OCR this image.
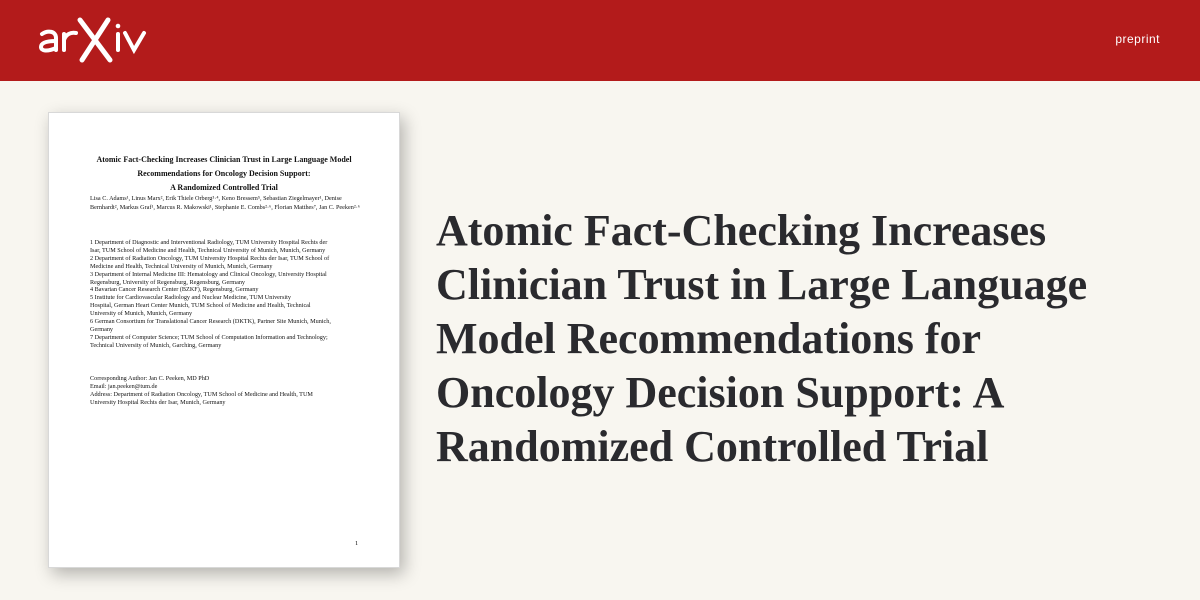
preprint
Atomic Fact-Checking Increases Clinician Trust in Large Language Model
Recommendations for Oncology Decision Support:
A Randomized Controlled Trial
Lisa C. Adams¹, Linus Marx², Erik Thiele Orberg³·⁴, Keno Bressem⁵, Sebastian Ziegelmayer¹, Denise Bernhardt², Markus Graf¹, Marcus R. Makowski¹, Stephanie E. Combs²·⁶, Florian Matthes⁷, Jan C. Peeken²·⁶
1 Department of Diagnostic and Interventional Radiology, TUM University Hospital Rechts der
Isar, TUM School of Medicine and Health, Technical University of Munich, Munich, Germany
2 Department of Radiation Oncology, TUM University Hospital Rechts der Isar, TUM School of
Medicine and Health, Technical University of Munich, Munich, Germany
3 Department of Internal Medicine III: Hematology and Clinical Oncology, University Hospital
Regensburg, University of Regensburg, Regensburg, Germany
4 Bavarian Cancer Research Center (BZKF), Regensburg, Germany
5 Institute for Cardiovascular Radiology and Nuclear Medicine, TUM University
Hospital, German Heart Center Munich, TUM School of Medicine and Health, Technical
University of Munich, Munich, Germany
6 German Consortium for Translational Cancer Research (DKTK), Partner Site Munich, Munich,
Germany
7 Department of Computer Science; TUM School of Computation Information and Technology;
Technical University of Munich, Garching, Germany
Corresponding Author: Jan C. Peeken, MD PhD
Email: jan.peeken@tum.de
Address: Department of Radiation Oncology, TUM School of Medicine and Health, TUM
University Hospital Rechts der Isar, Munich, Germany
1
Atomic Fact-Checking Increases
Clinician Trust in Large Language
Model Recommendations for
Oncology Decision Support: A
Randomized Controlled Trial
